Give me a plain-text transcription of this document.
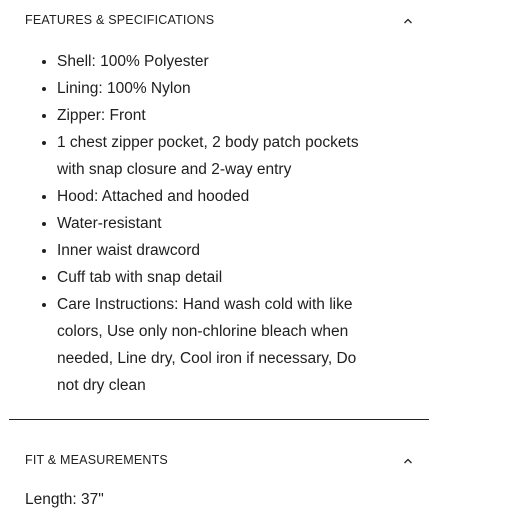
FEATURES & SPECIFICATIONS
• Shell: 100% Polyester
• Lining: 100% Nylon
• Zipper: Front
• 1 chest zipper pocket, 2 body patch pockets with snap closure and 2-way entry
• Hood: Attached and hooded
• Water-resistant
• Inner waist drawcord
• Cuff tab with snap detail
• Care Instructions: Hand wash cold with like colors, Use only non-chlorine bleach when needed, Line dry, Cool iron if necessary, Do not dry clean
FIT & MEASUREMENTS
Length: 37"
